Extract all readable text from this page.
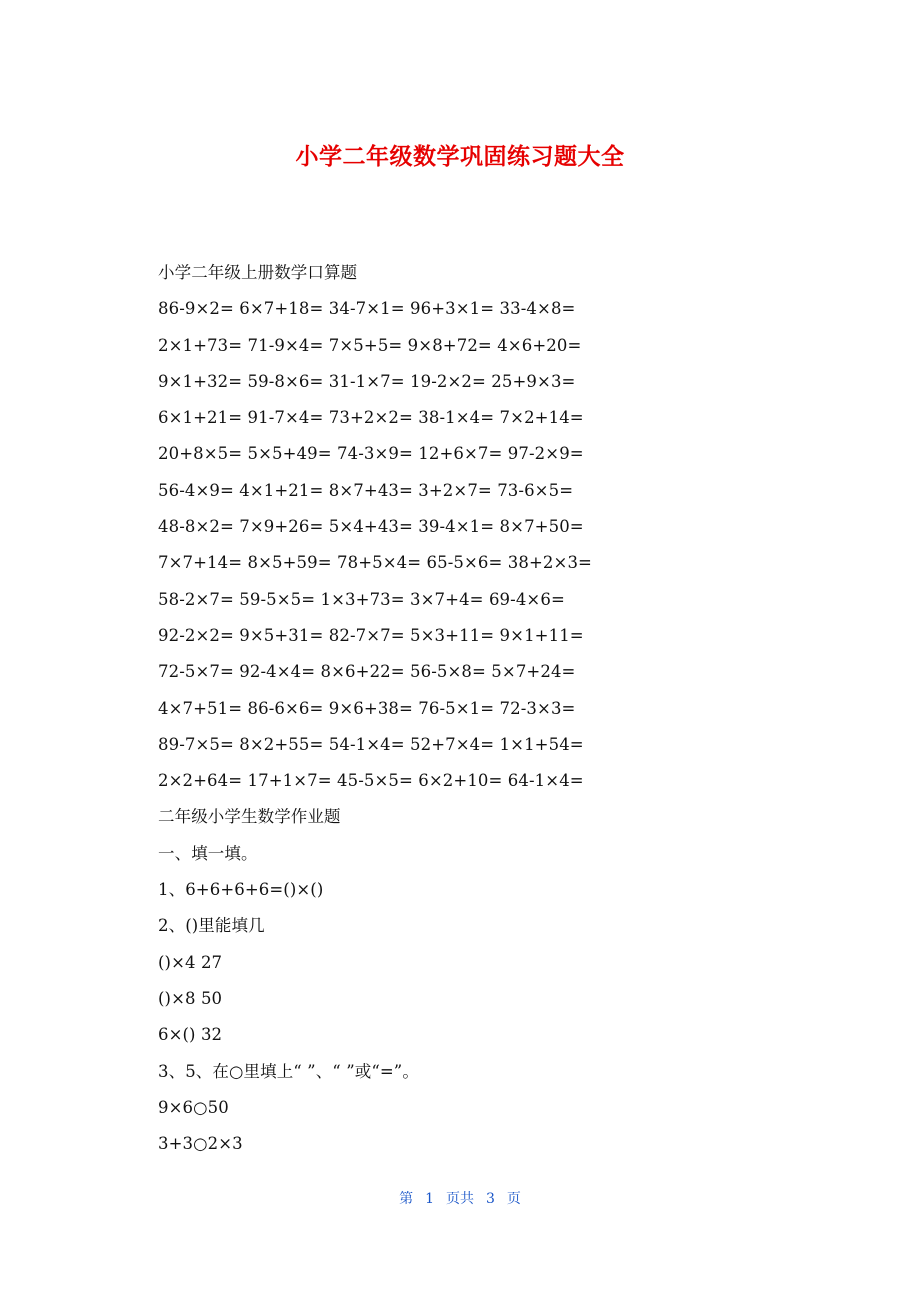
小学二年级数学巩固练习题大全
小学二年级上册数学口算题
86-9×2= 6×7+18= 34-7×1= 96+3×1= 33-4×8=
2×1+73= 71-9×4= 7×5+5= 9×8+72= 4×6+20=
9×1+32= 59-8×6= 31-1×7= 19-2×2= 25+9×3=
6×1+21= 91-7×4= 73+2×2= 38-1×4= 7×2+14=
20+8×5= 5×5+49= 74-3×9= 12+6×7= 97-2×9=
56-4×9= 4×1+21= 8×7+43= 3+2×7= 73-6×5=
48-8×2= 7×9+26= 5×4+43= 39-4×1= 8×7+50=
7×7+14= 8×5+59= 78+5×4= 65-5×6= 38+2×3=
58-2×7= 59-5×5= 1×3+73= 3×7+4= 69-4×6=
92-2×2= 9×5+31= 82-7×7= 5×3+11= 9×1+11=
72-5×7= 92-4×4= 8×6+22= 56-5×8= 5×7+24=
4×7+51= 86-6×6= 9×6+38= 76-5×1= 72-3×3=
89-7×5= 8×2+55= 54-1×4= 52+7×4= 1×1+54=
2×2+64= 17+1×7= 45-5×5= 6×2+10= 64-1×4=
二年级小学生数学作业题
一、填一填。
1、6+6+6+6=()×()
2、()里能填几
()×4 27
()×8 50
6×() 32
3、5、在○里填上“ ”、“ ”或“=”。
9×6○50
3+3○2×3
第 1 页共 3 页
